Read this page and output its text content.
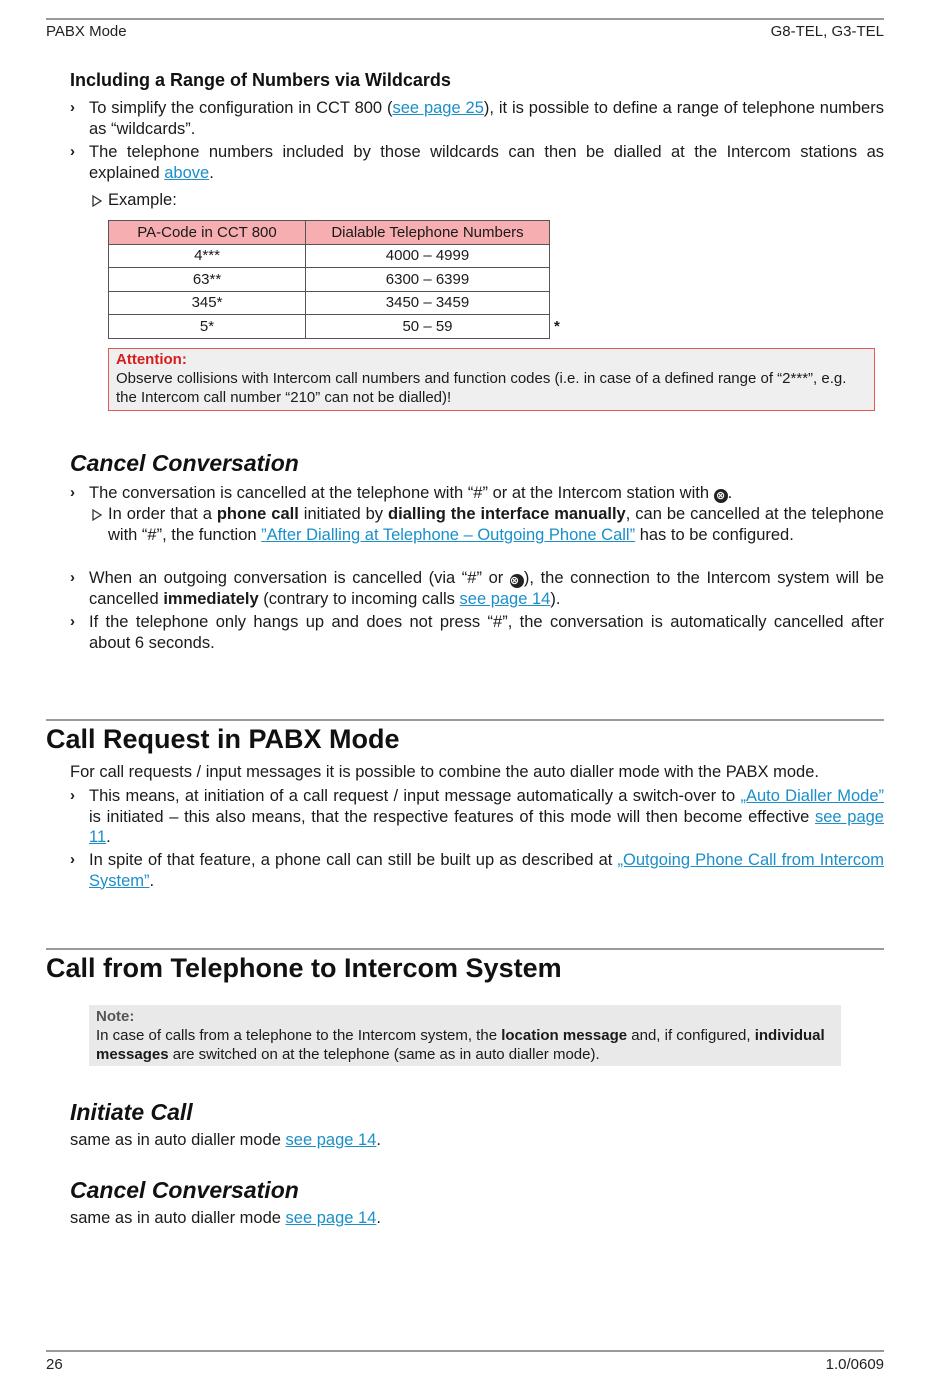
PABX Mode	G8-TEL, G3-TEL
Including a Range of Numbers via Wildcards
› To simplify the configuration in CCT 800 (see page 25), it is possible to define a range of telephone numbers as “wildcards”.
› The telephone numbers included by those wildcards can then be dialled at the Intercom stations as explained above.
Example:
PA-Code in CCT 800	Dialable Telephone Numbers
4***	4000 – 4999
63**	6300 – 6399
345*	3450 – 3459
5*	50 – 59	*
Attention:
Observe collisions with Intercom call numbers and function codes (i.e. in case of a defined range of “2***”, e.g. the Intercom call number “210” can not be dialled)!
Cancel Conversation
› The conversation is cancelled at the telephone with “#” or at the Intercom station with ⊗ .
In order that a phone call initiated by dialling the interface manually, can be cancelled at the telephone with “#”, the function ”After Dialling at Telephone – Outgoing Phone Call” has to be configured.
› When an outgoing conversation is cancelled (via “#” or ⊗ ), the connection to the Intercom system will be cancelled immediately (contrary to incoming calls see page 14).
› If the telephone only hangs up and does not press “#”, the conversation is automatically cancelled after about 6 seconds.
Call Request in PABX Mode
For call requests / input messages it is possible to combine the auto dialler mode with the PABX mode.
› This means, at initiation of a call request / input message automatically a switch-over to „Auto Dialler Mode” is initiated – this also means, that the respective features of this mode will then become effective see page 11.
› In spite of that feature, a phone call can still be built up as described at „Outgoing Phone Call from Intercom System”.
Call from Telephone to Intercom System
Note:
In case of calls from a telephone to the Intercom system, the location message and, if configured, individual messages are switched on at the telephone (same as in auto dialler mode).
Initiate Call
same as in auto dialler mode see page 14.
Cancel Conversation
same as in auto dialler mode see page 14.
26	1.0/0609
